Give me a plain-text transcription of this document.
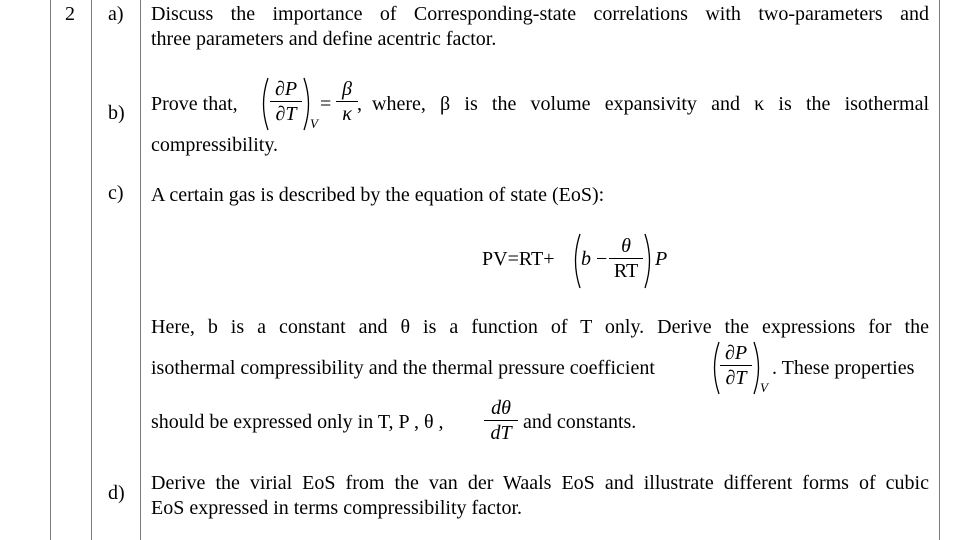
2 a) Discuss the importance of Corresponding-state correlations with two-parameters and
three parameters and define acentric factor.
b) Prove that,
∂P
∂T	V
=
β
κ , where, β is the volume expansivity and κ is the isothermal
compressibility.
c) A certain gas is described by the equation of state (EoS):
PV=RT+ b −
θ
RT
P
Here, b is a constant and θ is a function of T only. Derive the expressions for the
isothermal compressibility and the thermal pressure coefficient
∂P
∂T	V
. These properties
should be expressed only in T, P , θ ,
dθ
dT and constants.
d) Derive the virial EoS from the van der Waals EoS and illustrate different forms of cubic
EoS expressed in terms compressibility factor.
